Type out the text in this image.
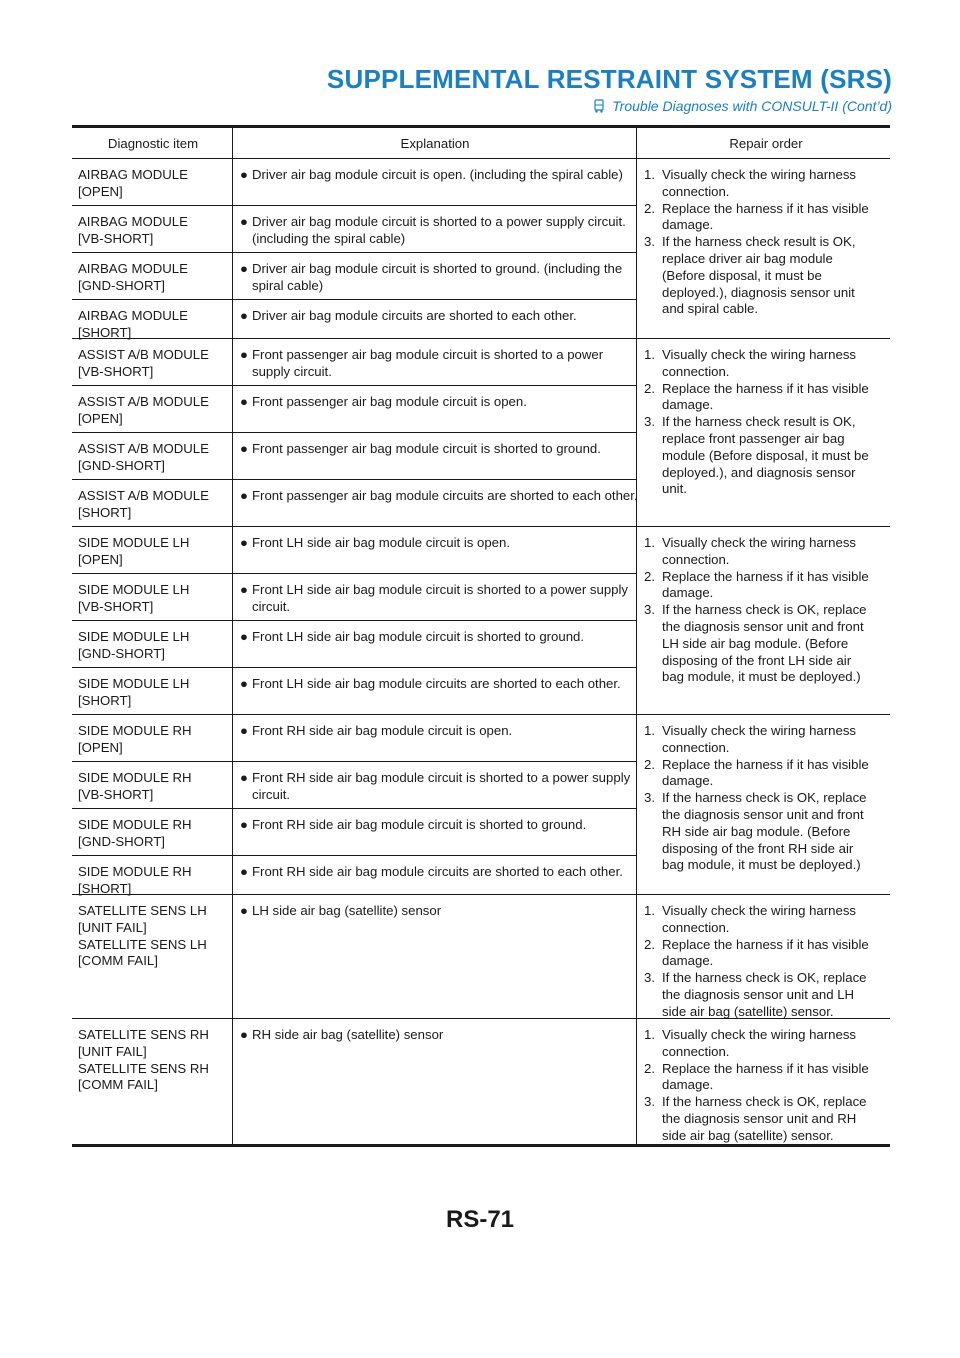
SUPPLEMENTAL RESTRAINT SYSTEM (SRS)
Trouble Diagnoses with CONSULT-II (Cont’d)
Diagnostic item	Explanation	Repair order
AIRBAG MODULE
[OPEN]
● Driver air bag module circuit is open. (including the spiral cable)
AIRBAG MODULE
[VB-SHORT]
● Driver air bag module circuit is shorted to a power supply circuit. (including the spiral cable)
AIRBAG MODULE
[GND-SHORT]
● Driver air bag module circuit is shorted to ground. (including the spiral cable)
AIRBAG MODULE
[SHORT]
● Driver air bag module circuits are shorted to each other.
ASSIST A/B MODULE
[VB-SHORT]
● Front passenger air bag module circuit is shorted to a power supply circuit.
ASSIST A/B MODULE
[OPEN]
● Front passenger air bag module circuit is open.
ASSIST A/B MODULE
[GND-SHORT]
● Front passenger air bag module circuit is shorted to ground.
ASSIST A/B MODULE
[SHORT]
● Front passenger air bag module circuits are shorted to each other.
SIDE MODULE LH
[OPEN]
● Front LH side air bag module circuit is open.
SIDE MODULE LH
[VB-SHORT]
● Front LH side air bag module circuit is shorted to a power supply circuit.
SIDE MODULE LH
[GND-SHORT]
● Front LH side air bag module circuit is shorted to ground.
SIDE MODULE LH
[SHORT]
● Front LH side air bag module circuits are shorted to each other.
SIDE MODULE RH
[OPEN]
● Front RH side air bag module circuit is open.
SIDE MODULE RH
[VB-SHORT]
● Front RH side air bag module circuit is shorted to a power supply circuit.
SIDE MODULE RH
[GND-SHORT]
● Front RH side air bag module circuit is shorted to ground.
SIDE MODULE RH
[SHORT]
● Front RH side air bag module circuits are shorted to each other.
SATELLITE SENS LH
[UNIT FAIL]
SATELLITE SENS LH
[COMM FAIL]
● LH side air bag (satellite) sensor
SATELLITE SENS RH
[UNIT FAIL]
SATELLITE SENS RH
[COMM FAIL]
● RH side air bag (satellite) sensor
1. Visually check the wiring harness
connection.
2. Replace the harness if it has visible
damage.
3. If the harness check result is OK,
replace driver air bag module
(Before disposal, it must be
deployed.), diagnosis sensor unit
and spiral cable.
1. Visually check the wiring harness
connection.
2. Replace the harness if it has visible
damage.
3. If the harness check result is OK,
replace front passenger air bag
module (Before disposal, it must be
deployed.), and diagnosis sensor
unit.
1. Visually check the wiring harness
connection.
2. Replace the harness if it has visible
damage.
3. If the harness check is OK, replace
the diagnosis sensor unit and front
LH side air bag module. (Before
disposing of the front LH side air
bag module, it must be deployed.)
1. Visually check the wiring harness
connection.
2. Replace the harness if it has visible
damage.
3. If the harness check is OK, replace
the diagnosis sensor unit and front
RH side air bag module. (Before
disposing of the front RH side air
bag module, it must be deployed.)
1. Visually check the wiring harness
connection.
2. Replace the harness if it has visible
damage.
3. If the harness check is OK, replace
the diagnosis sensor unit and LH
side air bag (satellite) sensor.
1. Visually check the wiring harness
connection.
2. Replace the harness if it has visible
damage.
3. If the harness check is OK, replace
the diagnosis sensor unit and RH
side air bag (satellite) sensor.
RS-71
